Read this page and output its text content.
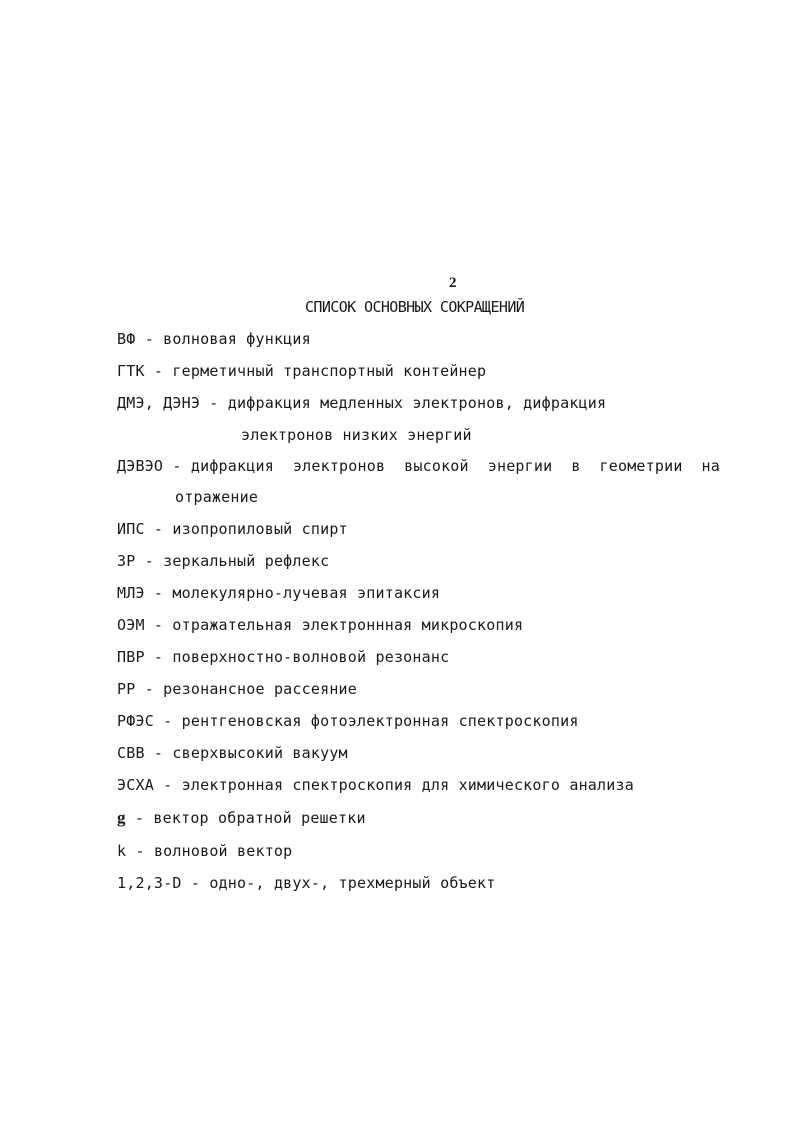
2
СПИСОК ОСНОВНЫХ СОКРАЩЕНИЙ
ВФ - волновая функция
ГТК - герметичный транспортный контейнер
ДМЭ, ДЭНЭ - дифракция медленных электронов, дифракция
электронов низких энергий
ДЭВЭО - дифракция электронов высокой энергии в геометрии на
отражение
ИПС - изопропиловый спирт
ЗР - зеркальный рефлекс
МЛЭ - молекулярно-лучевая эпитаксия
ОЭМ - отражательная электроннная микроскопия
ПВР - поверхностно-волновой резонанс
РР - резонансное рассеяние
РФЭС - рентгеновская фотоэлектронная спектроскопия
СВВ - сверхвысокий вакуум
ЭСХА - электронная спектроскопия для химического анализа
g - вектор обратной решетки
k - волновой вектор
1,2,3-D - одно-, двух-, трехмерный объект
